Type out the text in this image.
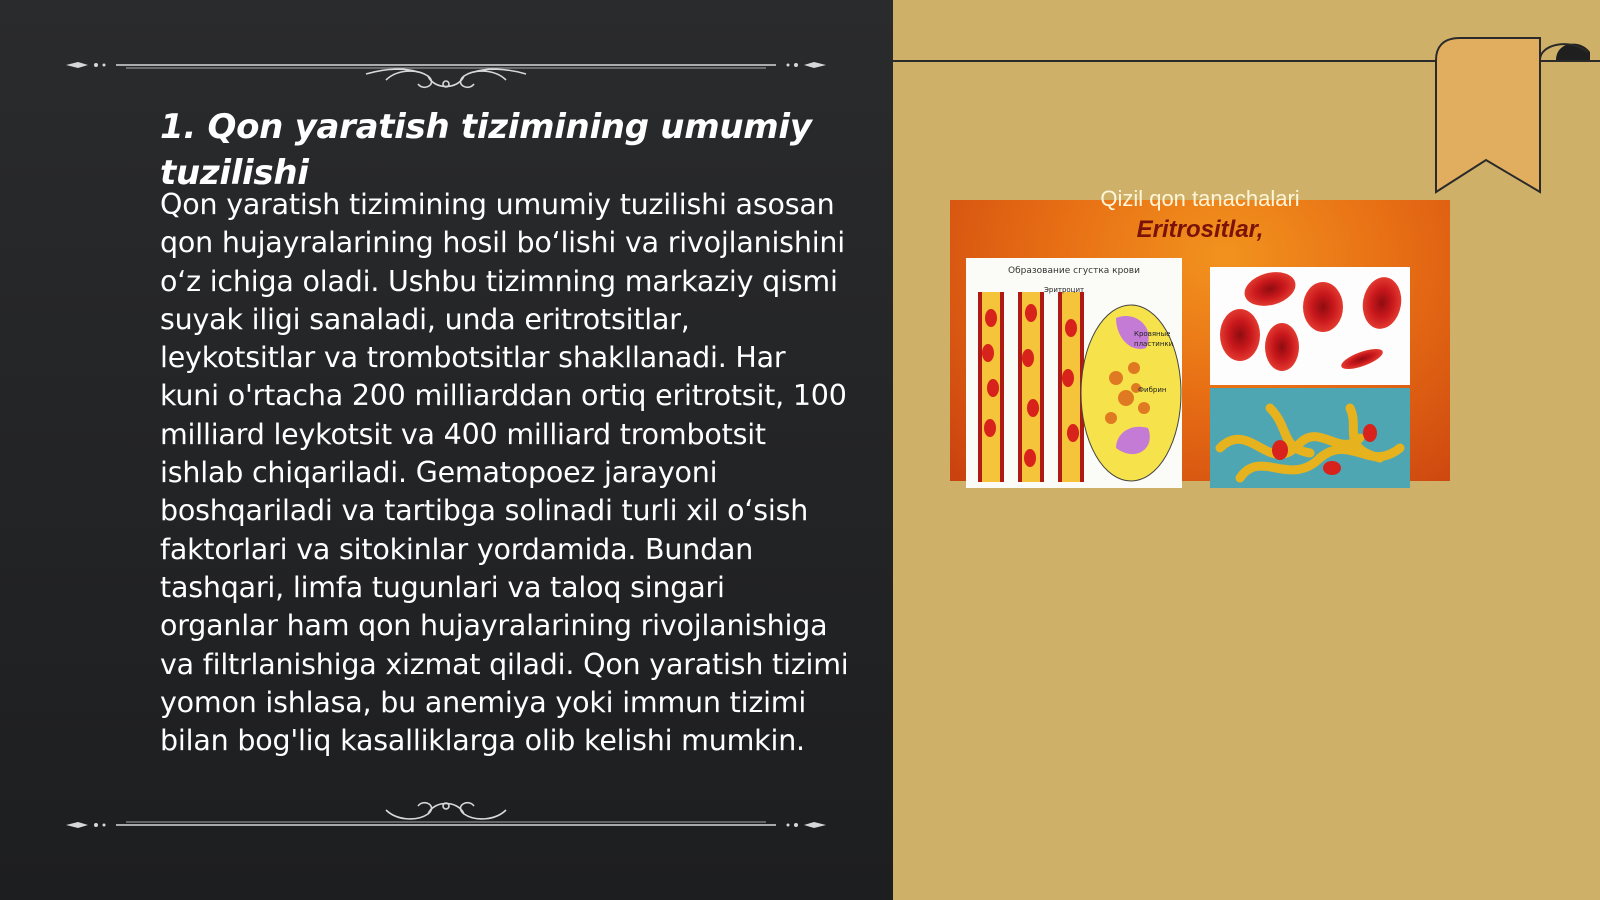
1. Qon yaratish tizimining umumiy tuzilishi

Qon yaratish tizimining umumiy tuzilishi asosan qon hujayralarining hosil boʻlishi va rivojlanishini oʻz ichiga oladi. Ushbu tizimning markaziy qismi suyak iligi sanaladi, unda eritrotsitlar, leykotsitlar va trombotsitlar shakllanadi. Har kuni o'rtacha 200 milliarddan ortiq eritrotsit, 100 milliard leykotsit va 400 milliard trombotsit ishlab chiqariladi. Gematopoez jarayoni boshqariladi va tartibga solinadi turli xil oʻsish faktorlari va sitokinlar yordamida. Bundan tashqari, limfa tugunlari va taloq singari organlar ham qon hujayralarining rivojlanishiga va filtrlanishiga xizmat qiladi. Qon yaratish tizimi yomon ishlasa, bu anemiya yoki immun tizimi bilan bog'liq kasalliklarga olib kelishi mumkin.

Qizil qon tanachalari
Eritrositlar,
Образование сгустка крови
Эритроцит
Кровяные
пластинки
Фибрин
